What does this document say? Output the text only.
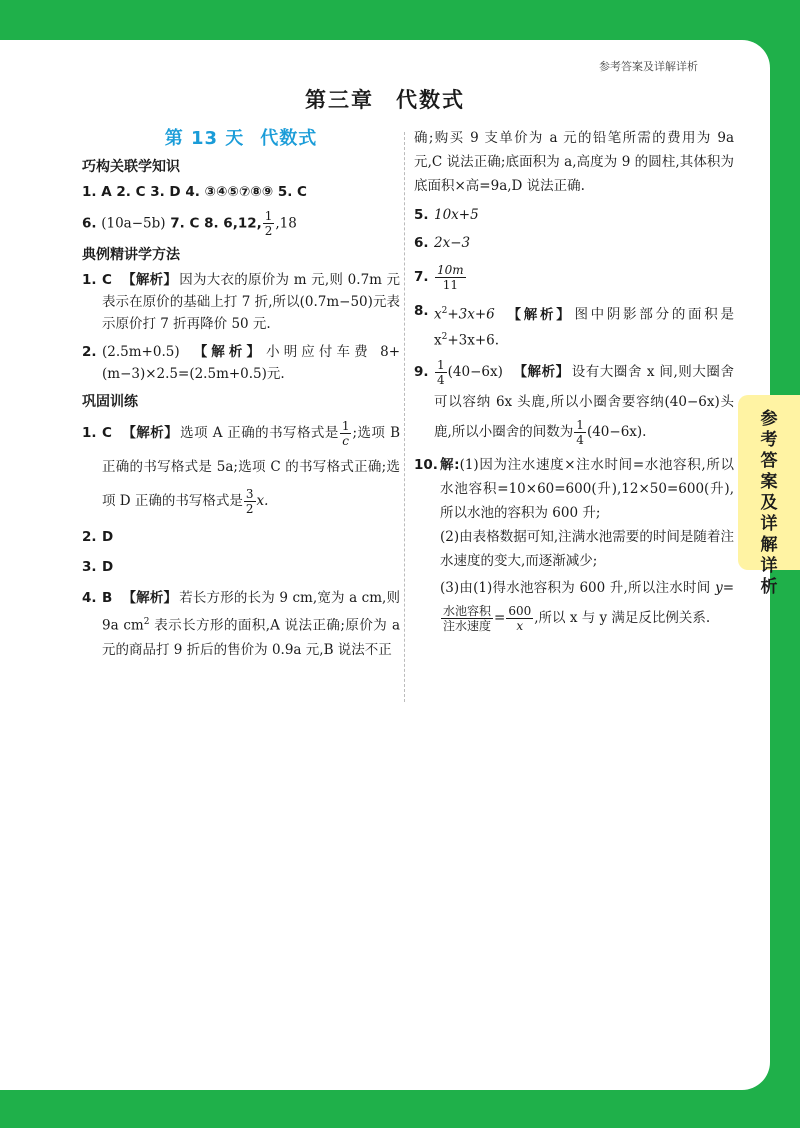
参考答案及详解详析
第三章 代数式
第 13 天 代数式
巧构关联学知识
1. A 2. C 3. D 4. ③④⑤⑦⑧⑨ 5. C
6. (10a−5b) 7. C 8. 6,12, $\frac{1}{2} ,18$
典例精讲学方法
1. C 【解析】 因为大衣的原价为 m 元,则 0.7m 元表示在原价的基础上打 7 折,所以(0.7m−50)元表示原价打 7 折再降价 50 元.
2. (2.5m+0.5) 【解析】 小明应付车费 8+(m−3)×2.5=(2.5m+0.5)元.
巩固训练
1. C 【解析】 选项 A 正确的书写格式是 $\frac{1}{c}$ ;选项 B 正确的书写格式是 5a;选项 C 的书写格式正确;选项 D 正确的书写格式是 $\frac{3}{2} x$.
2. D
3. D
4. B 【解析】 若长方形的长为 9 cm,宽为 a cm,则 9a $cm^2$ 表示长方形的面积,A 说法正确;原价为 a 元的商品打 9 折后的售价为 0.9a 元,B 说法不正
确;购买 9 支单价为 a 元的铅笔所需的费用为 9a 元,C 说法正确;底面积为 a,高度为 9 的圆柱,其体积为底面积×高=9a,D 说法正确.
5. 10x+5
6. 2x−3
7. $\frac{10m}{11}$
8. $x^2+3x+6$ 【解析】 图中阴影部分的面积是 $x^2+3x+6$.
9. $\frac{1}{4} (40-6x)$ 【解析】 设有大圈舍 x 间,则大圈舍可以容纳 6x 头鹿,所以小圈舍要容纳(40−6x)头鹿,所以小圈舍的间数为 $\frac{1}{4} (40-6x)$.
10. 解:(1)因为注水速度×注水时间=水池容积,所以水池容积=10×60=600(升),12×50=600(升),所以水池的容积为 600 升;
(2)由表格数据可知,注满水池需要的时间是随着注水速度的变大,而逐渐减少;
(3)由(1)得水池容积为 600 升,所以注水时间 y=
$\frac{\text{水池容积}}{\text{注水速度}} = \frac{600}{x}$ ,所以 x 与 y 满足反比例关系.
参考答案及详解详析
